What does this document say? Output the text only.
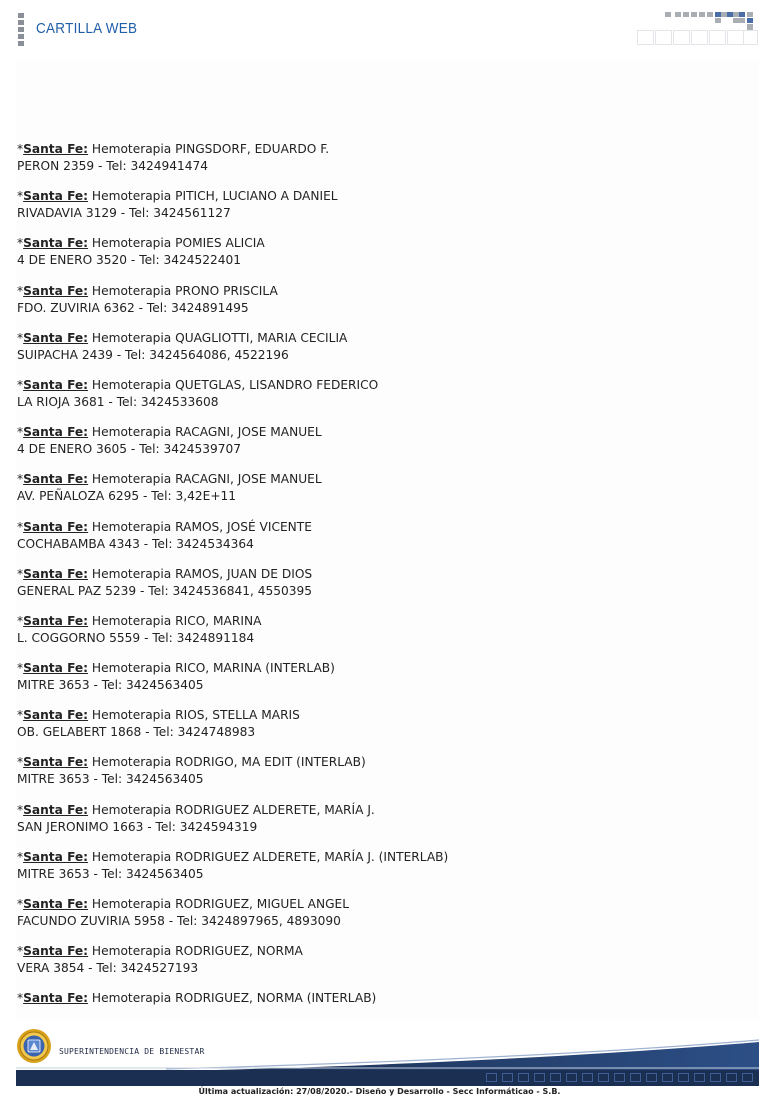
CARTILLA WEB
*Santa Fe: Hemoterapia PINGSDORF, EDUARDO F.
PERON 2359 - Tel: 3424941474
*Santa Fe: Hemoterapia PITICH, LUCIANO A DANIEL
RIVADAVIA 3129 - Tel: 3424561127
*Santa Fe: Hemoterapia POMIES ALICIA
4 DE ENERO 3520 - Tel: 3424522401
*Santa Fe: Hemoterapia PRONO PRISCILA
FDO. ZUVIRIA 6362 - Tel: 3424891495
*Santa Fe: Hemoterapia QUAGLIOTTI, MARIA CECILIA
SUIPACHA 2439 - Tel: 3424564086, 4522196
*Santa Fe: Hemoterapia QUETGLAS, LISANDRO FEDERICO
LA RIOJA 3681 - Tel: 3424533608
*Santa Fe: Hemoterapia RACAGNI, JOSE MANUEL
4 DE ENERO 3605 - Tel: 3424539707
*Santa Fe: Hemoterapia RACAGNI, JOSE MANUEL
AV. PEÑALOZA 6295 - Tel: 3,42E+11
*Santa Fe: Hemoterapia RAMOS, JOSÉ VICENTE
COCHABAMBA 4343 - Tel: 3424534364
*Santa Fe: Hemoterapia RAMOS, JUAN DE DIOS
GENERAL PAZ 5239 - Tel: 3424536841, 4550395
*Santa Fe: Hemoterapia RICO, MARINA
L. COGGORNO 5559 - Tel: 3424891184
*Santa Fe: Hemoterapia RICO, MARINA (INTERLAB)
MITRE 3653 - Tel: 3424563405
*Santa Fe: Hemoterapia RIOS, STELLA MARIS
OB. GELABERT 1868 - Tel: 3424748983
*Santa Fe: Hemoterapia RODRIGO, MA EDIT (INTERLAB)
MITRE 3653 - Tel: 3424563405
*Santa Fe: Hemoterapia RODRIGUEZ ALDERETE, MARÍA J.
SAN JERONIMO 1663 - Tel: 3424594319
*Santa Fe: Hemoterapia RODRIGUEZ ALDERETE, MARÍA J. (INTERLAB)
MITRE 3653 - Tel: 3424563405
*Santa Fe: Hemoterapia RODRIGUEZ, MIGUEL ANGEL
FACUNDO ZUVIRIA 5958 - Tel: 3424897965, 4893090
*Santa Fe: Hemoterapia RODRIGUEZ, NORMA
VERA 3854 - Tel: 3424527193
*Santa Fe: Hemoterapia RODRIGUEZ, NORMA (INTERLAB)
SUPERINTENDENCIA DE BIENESTAR
Última actualización: 27/08/2020.- Diseño y Desarrollo - Secc Informáticao - S.B.
